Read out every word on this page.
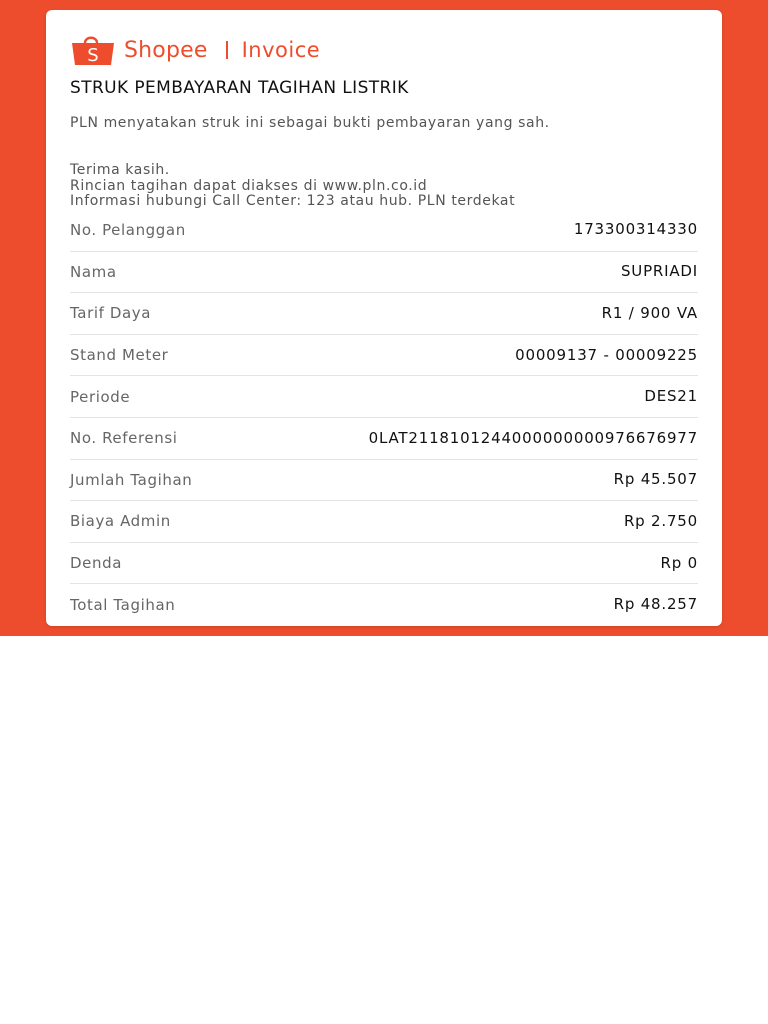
S Shopee Invoice
STRUK PEMBAYARAN TAGIHAN LISTRIK
PLN menyatakan struk ini sebagai bukti pembayaran yang sah.
Terima kasih.
Rincian tagihan dapat diakses di www.pln.co.id
Informasi hubungi Call Center: 123 atau hub. PLN terdekat
No. Pelanggan	173300314330
Nama	SUPRIADI
Tarif Daya	R1 / 900 VA
Stand Meter	00009137 - 00009225
Periode	DES21
No. Referensi	0LAT2118101244000000000976676977
Jumlah Tagihan	Rp 45.507
Biaya Admin	Rp 2.750
Denda	Rp 0
Total Tagihan	Rp 48.257
